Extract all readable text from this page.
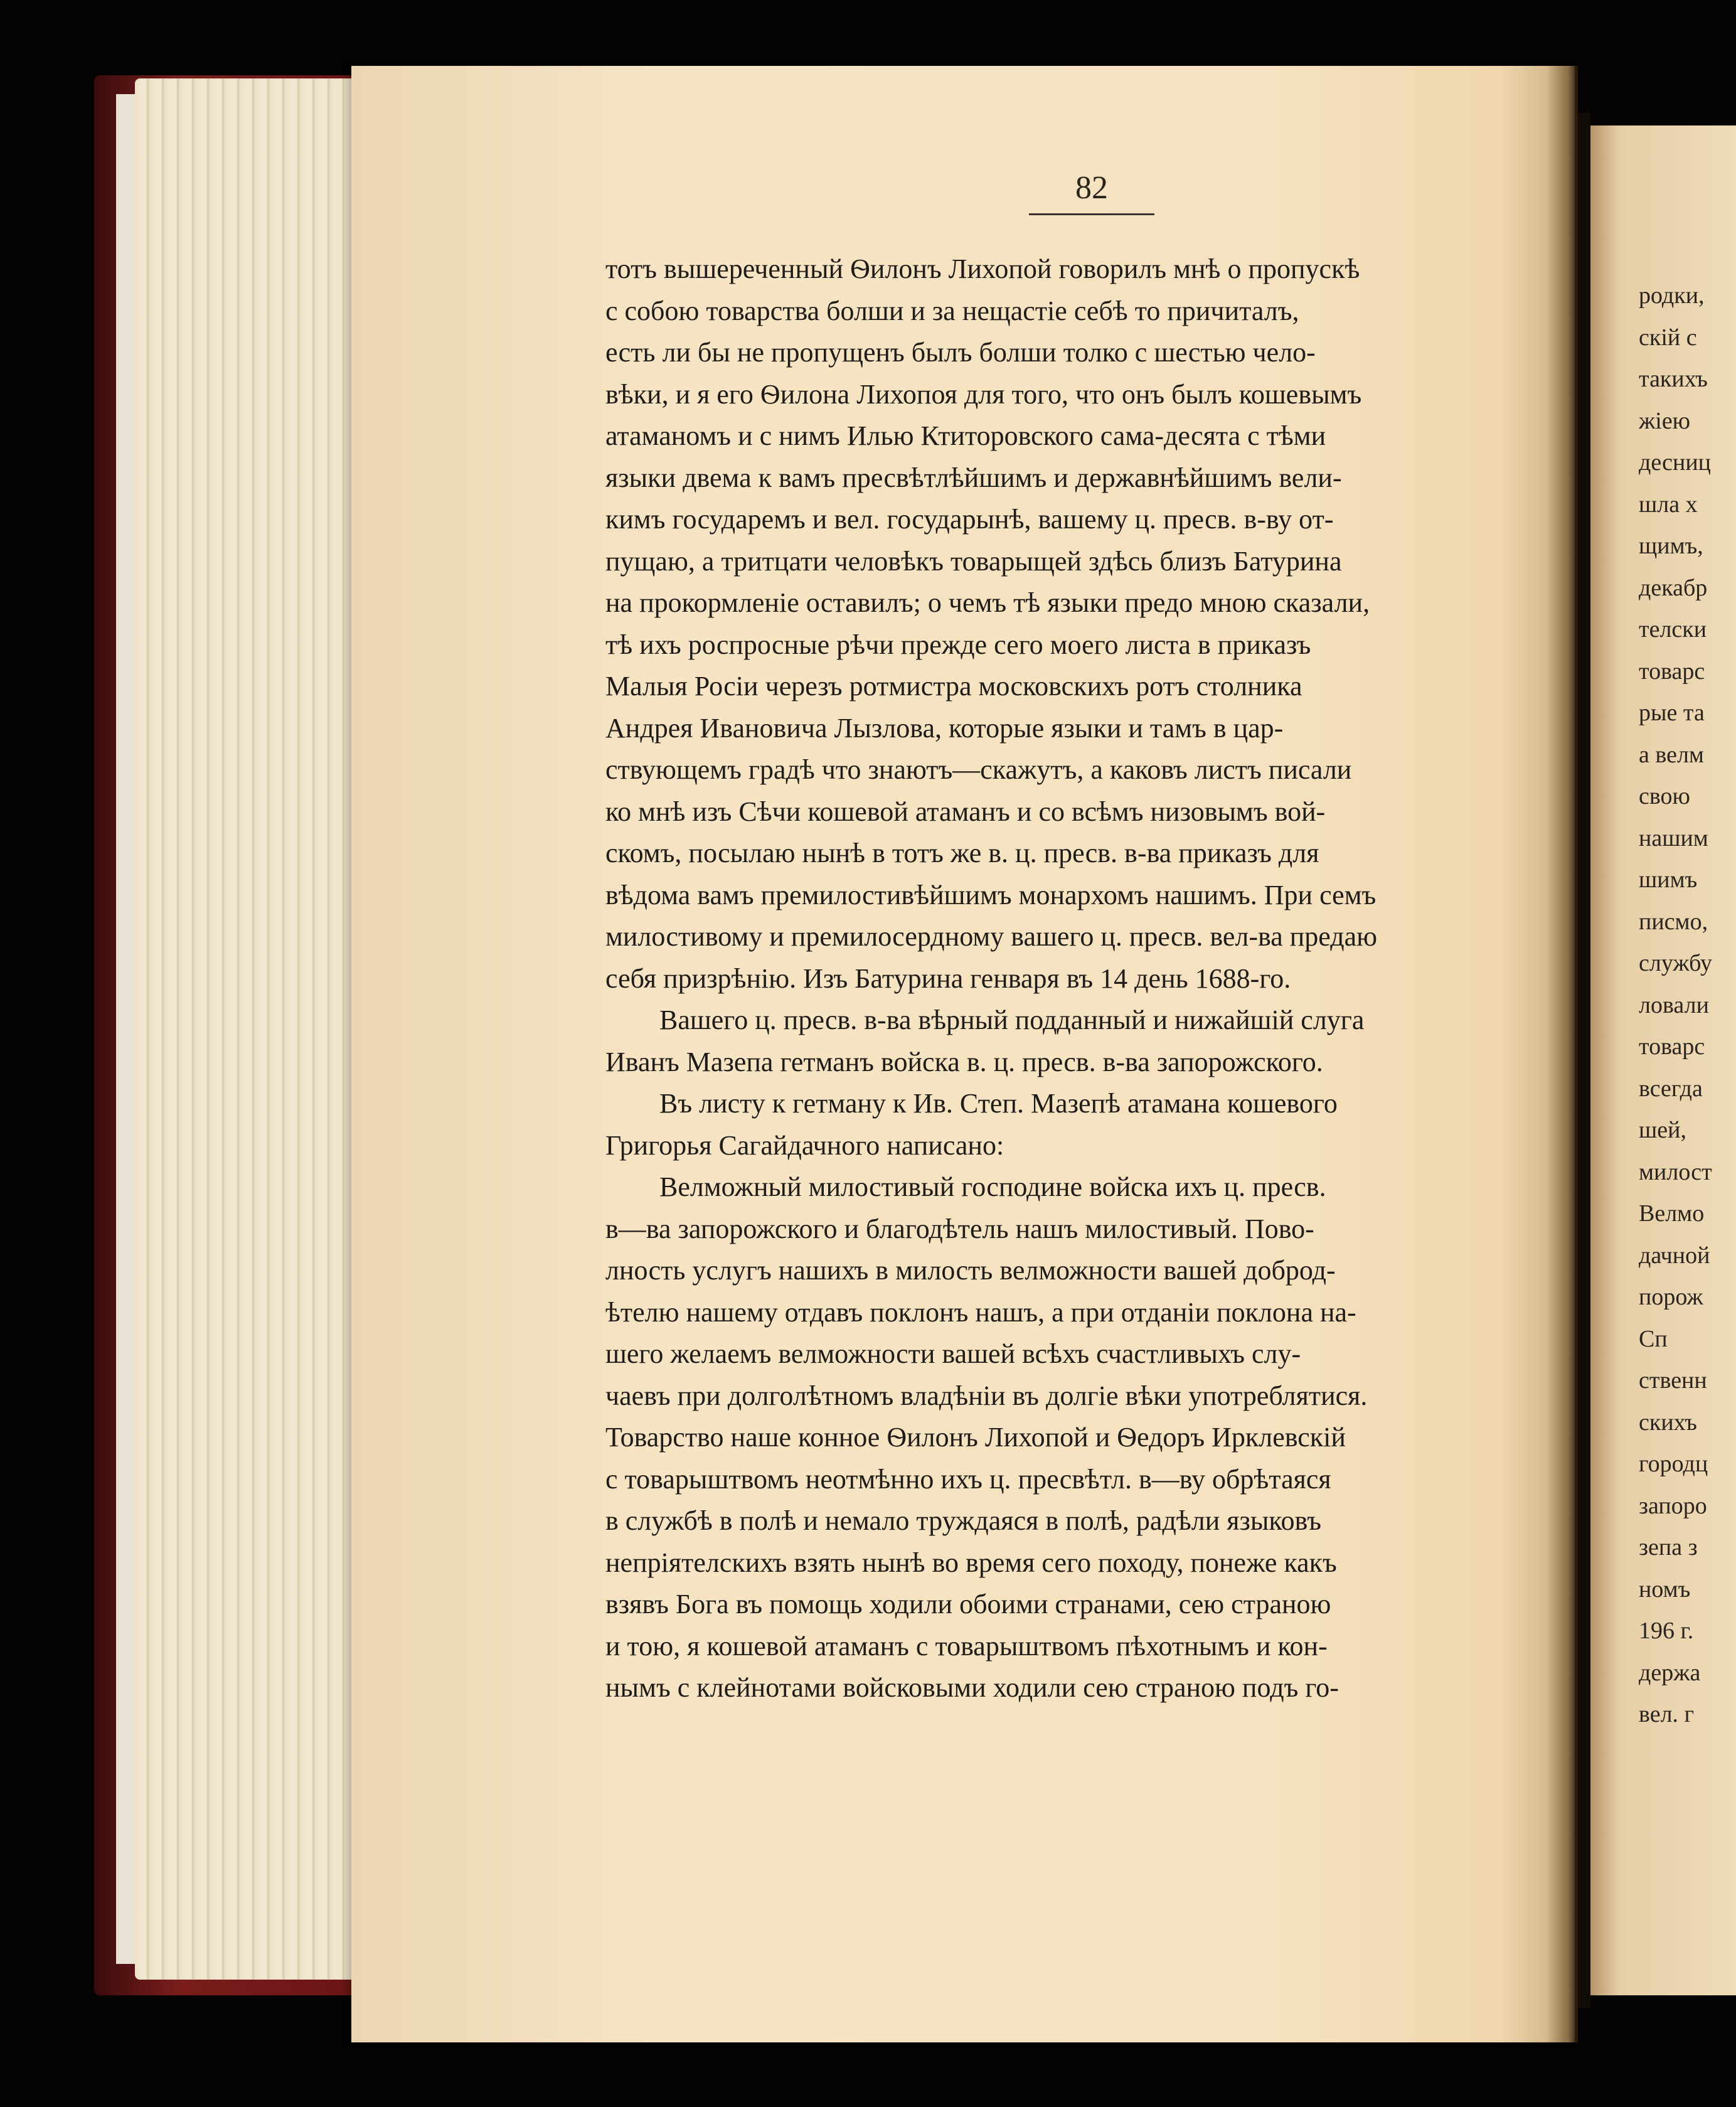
82
тотъ вышереченный Ѳилонъ Лихопой говорилъ мнѣ о пропускѣ
с собою товарства болши и за нещастіе себѣ то причиталъ,
есть ли бы не пропущенъ былъ болши толко с шестью чело-
вѣки, и я его Ѳилона Лихопоя для того, что онъ былъ кошевымъ
атаманомъ и с нимъ Илью Ктиторовского сама-десята с тѣми
языки двема к вамъ пресвѣтлѣйшимъ и державнѣйшимъ вели-
кимъ государемъ и вел. государынѣ, вашему ц. пресв. в-ву от-
пущаю, а тритцати человѣкъ товарыщей здѣсь близъ Батурина
на прокормленіе оставилъ; о чемъ тѣ языки предо мною сказали,
тѣ ихъ роспросные рѣчи прежде сего моего листа в приказъ
Малыя Росіи черезъ ротмистра московскихъ ротъ столника
Андрея Ивановича Лызлова, которые языки и тамъ в цар-
ствующемъ градѣ что знаютъ—скажутъ, а каковъ листъ писали
ко мнѣ изъ Сѣчи кошевой атаманъ и со всѣмъ низовымъ вой-
скомъ, посылаю нынѣ в тотъ же в. ц. пресв. в-ва приказъ для
вѣдома вамъ премилостивѣйшимъ монархомъ нашимъ. При семъ
милостивому и премилосердному вашего ц. пресв. вел-ва предаю
себя призрѣнію. Изъ Батурина генваря въ 14 день 1688-го.
Вашего ц. пресв. в-ва вѣрный подданный и нижайшій слуга
Иванъ Мазепа гетманъ войска в. ц. пресв. в-ва запорожского.
Въ листу к гетману к Ив. Степ. Мазепѣ атамана кошевого
Григорья Сагайдачного написано:
Велможный милостивый господине войска ихъ ц. пресв.
в—ва запорожского и благодѣтель нашъ милостивый. Пово-
лность услугъ нашихъ в милость велможности вашей доброд-
ѣтелю нашему отдавъ поклонъ нашъ, а при отданіи поклона на-
шего желаемъ велможности вашей всѣхъ счастливыхъ слу-
чаевъ при долголѣтномъ владѣніи въ долгіе вѣки употреблятися.
Товарство наше конное Ѳилонъ Лихопой и Ѳедоръ Ирклевскій
с товарыштвомъ неотмѣнно ихъ ц. пресвѣтл. в—ву обрѣтаяся
в службѣ в полѣ и немало труждаяся в полѣ, радѣли языковъ
непріятелскихъ взять нынѣ во время сего походу, понеже какъ
взявъ Бога въ помощь ходили обоими странами, сею страною
и тою, я кошевой атаманъ с товарыштвомъ пѣхотнымъ и кон-
нымъ с клейнотами войсковыми ходили сею страною подъ го-
родки,
скій с
такихъ
жіею
десниц
шла х
щимъ,
декабр
телски
товарс
рые та
а велм
свою
нашим
шимъ
писмо,
службу
ловали
товарс
всегда
шей,
милост
Велмо
дачной
порож
Сп
ственн
скихъ
городц
запоро
зепа з
номъ
196 г.
держа
вел. г
